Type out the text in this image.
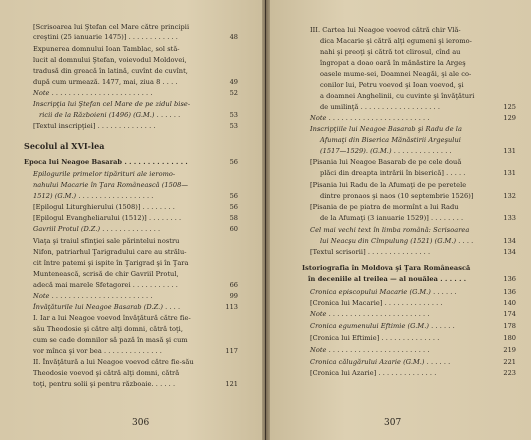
[Scrisoarea lui Ştefan cel Mare către principii
creştini (25 ianuarie 1475)] . . . . . . . . . . . .	48
Expunerea domnului Ioan Tamblac, sol stă-
lucit al domnului Ştefan, voievodul Moldovei,
tradusă din greacă în latină, cuvînt de cuvînt,
după cum urmează. 1477, mai, ziua 8 . . . .	49
Note . . . . . . . . . . . . . . . . . . . . . . . .	52
Inscripţia lui Ştefan cel Mare de pe zidul bise-
ricii de la Războieni (1496) (G.M.) . . . . . .	53
[Textul inscripţiei] . . . . . . . . . . . . . .	53
Secolul al XVI-lea
Epoca lui Neagoe Basarab . . . . . . . . . . . . . .	56
Epilogurile primelor tipărituri ale ieromo-
nahului Macarie în Ţara Românească (1508—
1512) (G.M.) . . . . . . . . . . . . . . . . . .	56
[Epilogul Liturghierului (1508)] . . . . . . . .	56
[Epilogul Evangheliarului (1512)] . . . . . . . .	58
Gavriil Protul (D.Z.) . . . . . . . . . . . . . .	60
Viaţa şi traiul sfinţiei sale părintelui nostru
Nifon, patriarhul Ţarigradului care au strălu-
cit între patemi şi ispite în Ţarigrad şi în Ţara
Muntenească, scrisă de chir Gavriil Protul,
adecă mai marele Sfetagorei . . . . . . . . . . .	66
Note . . . . . . . . . . . . . . . . . . . . . . . .	99
Învăţăturile lui Neagoe Basarab (D.Z.) . . . .	113
I. Iar a lui Neagoe voevod învăţătură către fie-
său Theodosie şi către alţi domni, cătră toţi,
cum se cade domnilor să pază în masă şi cum
vor mînca şi vor bea . . . . . . . . . . . . . .	117
II. Învăţătură a lui Neagoe voevod către fie-său
Theodosie voevod şi cătră alţi domni, cătră
toţi, pentru solii şi pentru războaie. . . . . .	121
306
III. Cartea lui Neagoe voevod cătră chir Vlă-
dica Macarie şi cătră alţi egumeni şi ieromo-
nahi şi preoţi şi cătră tot clirosul, cînd au
îngropat a doao oară în mănăstire la Argeş
oasele mume-sei, Doamnei Neagăi, şi ale co-
conilor lui, Petru voevod şi Ioan voevod, şi
a doamnei Anghelinii, cu cuvinte şi învăţături
de umilinţă . . . . . . . . . . . . . . . . . . .	125
Note . . . . . . . . . . . . . . . . . . . . . . . .	129
Inscripţiile lui Neagoe Basarab şi Radu de la
Afumaţi din Biserica Mănăstirii Argeşului
(1517—1529). (G.M.) . . . . . . . . . . . . . .	131
[Pisania lui Neagoe Basarab de pe cele două
plăci din dreapta intrării în biserică] . . . . .	131
[Pisania lui Radu de la Afumaţi de pe peretele
dintre pronaos şi naos (10 septembrie 1526)]	132
[Pisania de pe piatra de mormînt a lui Radu
de la Afumaţi (3 ianuarie 1529)] . . . . . . . .	133
Cel mai vechi text în limba română: Scrisoarea
lui Neacşu din Cîmpulung (1521) (G.M.) . . . .	134
[Textul scrisorii] . . . . . . . . . . . . . . .	134
Istoriografia în Moldova şi Ţara Românească
în deceniile al treilea — al nouălea . . . . . .	136
Cronica episcopului Macarie (G.M.) . . . . . .	136
[Cronica lui Macarie] . . . . . . . . . . . . . .	140
Note . . . . . . . . . . . . . . . . . . . . . . . .	174
Cronica egumenului Eftimie (G.M.) . . . . . .	178
[Cronica lui Eftimie] . . . . . . . . . . . . . .	180
Note . . . . . . . . . . . . . . . . . . . . . . . .	219
Cronica călugărului Azarie (G.M.) . . . . . .	221
[Cronica lui Azarie] . . . . . . . . . . . . . .	223
307
